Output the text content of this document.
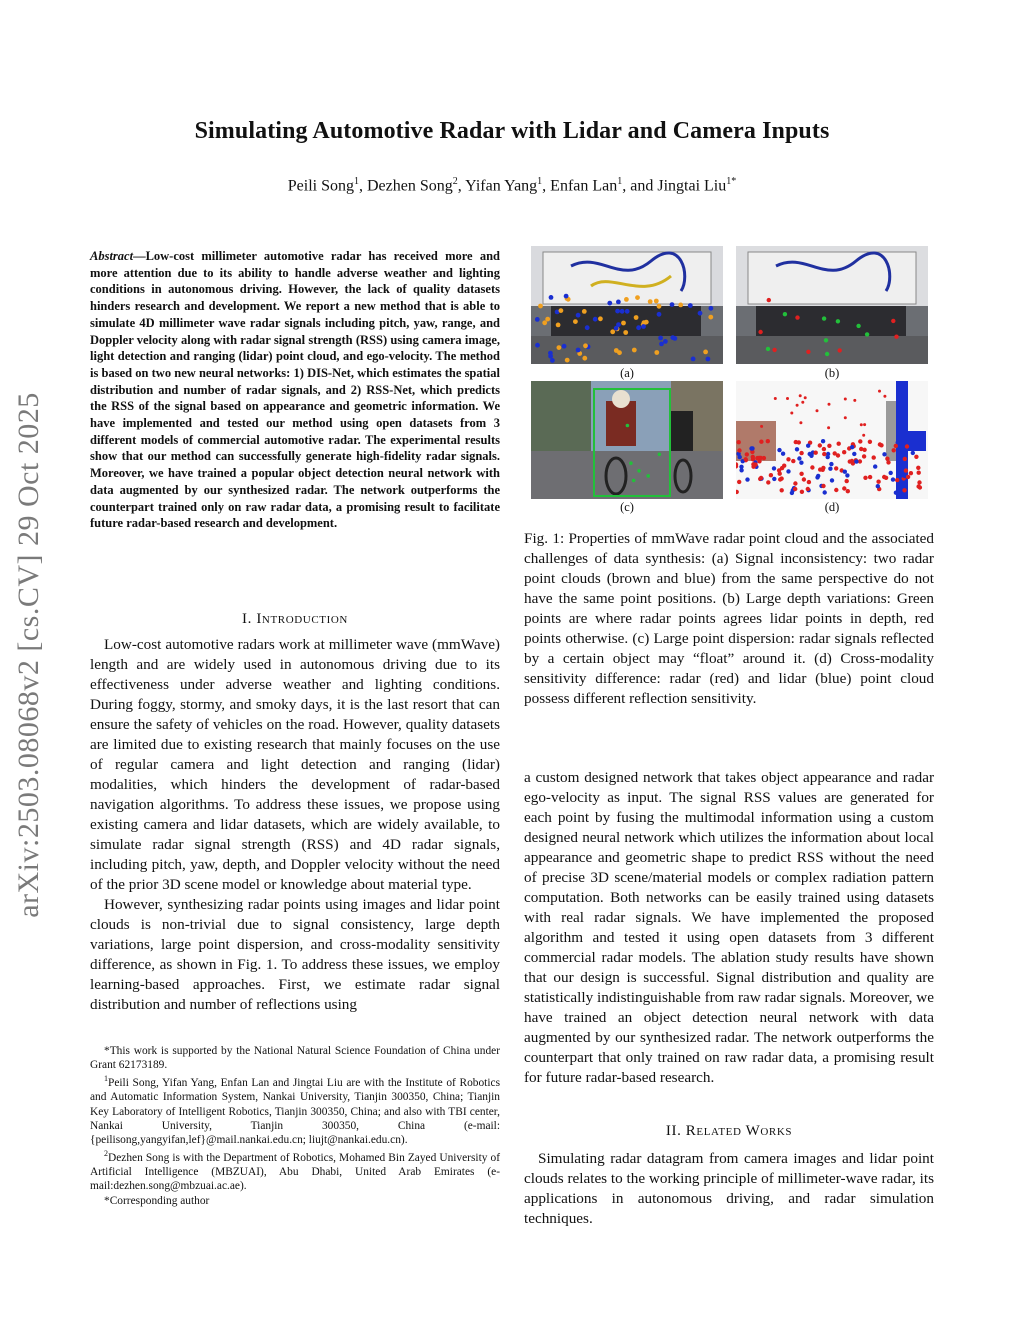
arXiv:2503.08068v2 [cs.CV] 29 Oct 2025
Simulating Automotive Radar with Lidar and Camera Inputs
Peili Song$^1$, Dezhen Song$^2$, Yifan Yang$^1$, Enfan Lan$^1$, and Jingtai Liu$^{1*}$
Abstract—Low-cost millimeter automotive radar has received more and more attention due to its ability to handle adverse weather and lighting conditions in autonomous driving. However, the lack of quality datasets hinders research and development. We report a new method that is able to simulate 4D millimeter wave radar signals including pitch, yaw, range, and Doppler velocity along with radar signal strength (RSS) using camera image, light detection and ranging (lidar) point cloud, and ego-velocity. The method is based on two new neural networks: 1) DIS-Net, which estimates the spatial distribution and number of radar signals, and 2) RSS-Net, which predicts the RSS of the signal based on appearance and geometric information. We have implemented and tested our method using open datasets from 3 different models of commercial automotive radar. The experimental results show that our method can successfully generate high-fidelity radar signals. Moreover, we have trained a popular object detection neural network with data augmented by our synthesized radar. The network outperforms the counterpart trained only on raw radar data, a promising result to facilitate future radar-based research and development.
I. Introduction

Low-cost automotive radars work at millimeter wave (mmWave) length and are widely used in autonomous driving due to its effectiveness under adverse weather and lighting conditions. During foggy, stormy, and smoky days, it is the last resort that can ensure the safety of vehicles on the road. However, quality datasets are limited due to existing research that mainly focuses on the use of regular camera and light detection and ranging (lidar) modalities, which hinders the development of radar-based navigation algorithms. To address these issues, we propose using existing camera and lidar datasets, which are widely available, to simulate radar signal strength (RSS) and 4D radar signals, including pitch, yaw, depth, and Doppler velocity without the need of the prior 3D scene model or knowledge about material type.

However, synthesizing radar points using images and lidar point clouds is non-trivial due to signal consistency, large depth variations, large point dispersion, and cross-modality sensitivity difference, as shown in Fig. 1. To address these issues, we employ learning-based approaches. First, we estimate radar signal distribution and number of reflections using

*This work is supported by the National Natural Science Foundation of China under Grant 62173189.

$^1$Peili Song, Yifan Yang, Enfan Lan and Jingtai Liu are with the Institute of Robotics and Automatic Information System, Nankai University, Tianjin 300350, China; Tianjin Key Laboratory of Intelligent Robotics, Tianjin 300350, China; and also with TBI center, Nankai University, Tianjin 300350, China (e-mail: {peilisong,yangyifan,lef}@mail.nankai.edu.cn; liujt@nankai.edu.cn).

$^2$Dezhen Song is with the Department of Robotics, Mohamed Bin Zayed University of Artificial Intelligence (MBZUAI), Abu Dhabi, United Arab Emirates (e-mail:dezhen.song@mbzuai.ac.ae).

*Corresponding author

(a)	(b)
(c)	(d)
Fig. 1: Properties of mmWave radar point cloud and the associated challenges of data synthesis: (a) Signal inconsistency: two radar point clouds (brown and blue) from the same perspective do not have the same point positions. (b) Large depth variations: Green points are where radar points agrees lidar points in depth, red points otherwise. (c) Large point dispersion: radar signals reflected by a certain object may “float” around it. (d) Cross-modality sensitivity difference: radar (red) and lidar (blue) point cloud possess different reflection sensitivity.

a custom designed network that takes object appearance and radar ego-velocity as input. The signal RSS values are generated for each point by fusing the multimodal information using a custom designed neural network which utilizes the information about local appearance and geometric shape to predict RSS without the need of precise 3D scene/material models or complex radiation pattern computation. Both networks can be easily trained using datasets with real radar signals. We have implemented the proposed algorithm and tested it using open datasets from 3 different commercial radar models. The ablation study results have shown that our design is successful. Signal distribution and quality are statistically indistinguishable from raw radar signals. Moreover, we have trained an object detection neural network with data augmented by our synthesized radar. The network outperforms the counterpart that only trained on raw radar data, a promising result for future radar-based research.

II. Related Works

Simulating radar datagram from camera images and lidar point clouds relates to the working principle of millimeter-wave radar, its applications in autonomous driving, and radar simulation techniques.
